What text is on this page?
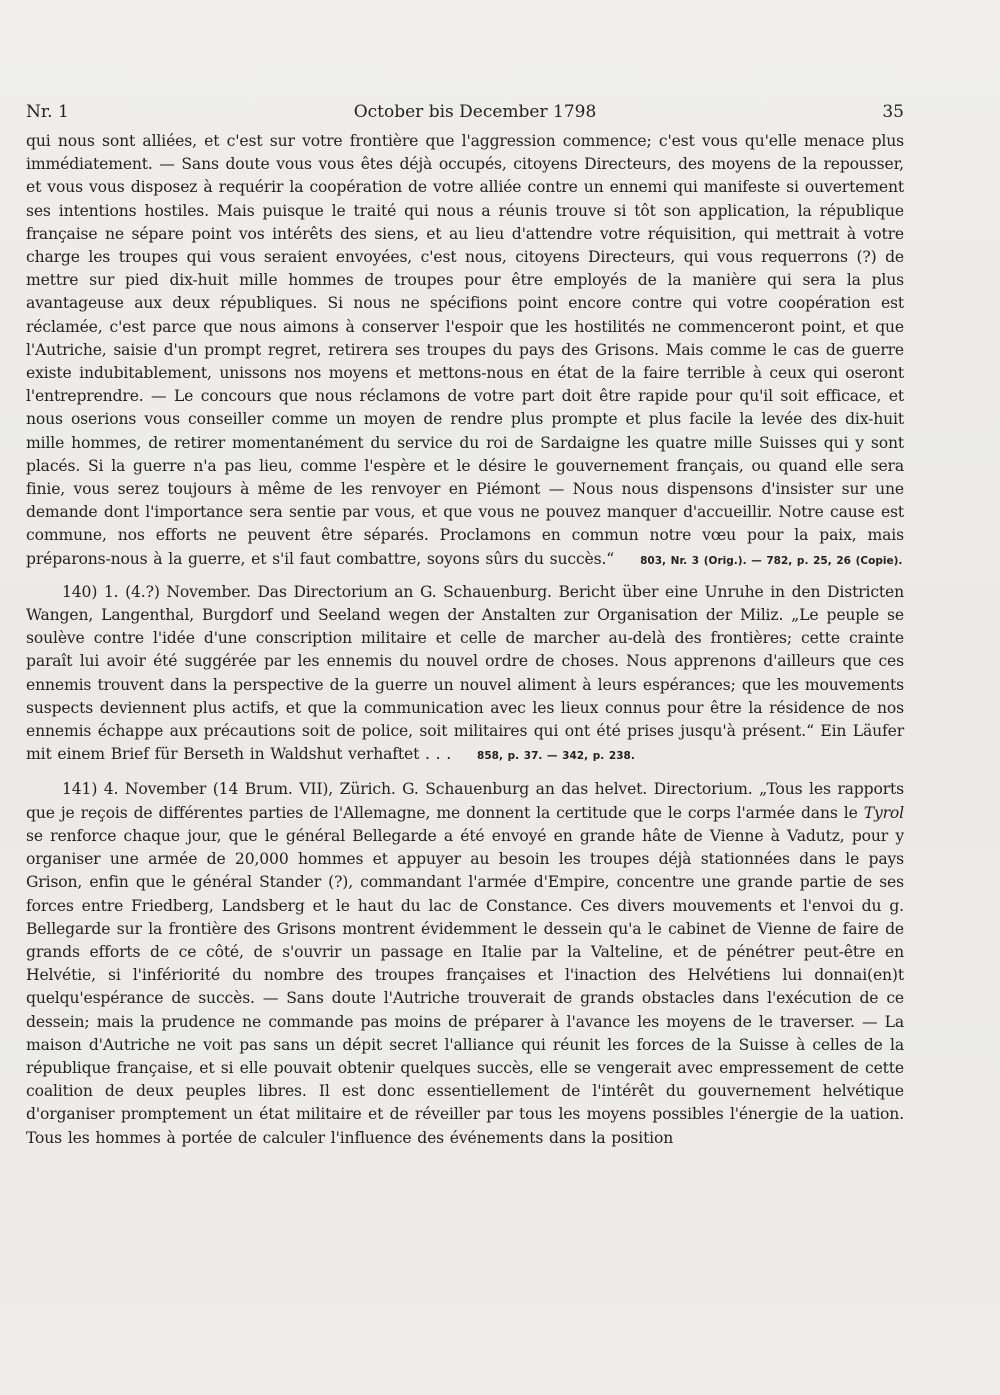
Nr. 1	October bis December 1798	35

qui nous sont alliées, et c'est sur votre frontière que l'aggression commence; c'est vous qu'elle menace plus immédiatement. — Sans doute vous vous êtes déjà occupés, citoyens Directeurs, des moyens de la repousser, et vous vous disposez à requérir la coopération de votre alliée contre un ennemi qui manifeste si ouvertement ses intentions hostiles. Mais puisque le traité qui nous a réunis trouve si tôt son application, la république française ne sépare point vos intérêts des siens, et au lieu d'attendre votre réquisition, qui mettrait à votre charge les troupes qui vous seraient envoyées, c'est nous, citoyens Directeurs, qui vous requerrons (?) de mettre sur pied dix-huit mille hommes de troupes pour être employés de la manière qui sera la plus avantageuse aux deux républiques. Si nous ne spécifions point encore contre qui votre coopération est réclamée, c'est parce que nous aimons à conserver l'espoir que les hostilités ne commenceront point, et que l'Autriche, saisie d'un prompt regret, retirera ses troupes du pays des Grisons. Mais comme le cas de guerre existe indubitablement, unissons nos moyens et mettons-nous en état de la faire terrible à ceux qui oseront l'entreprendre. — Le concours que nous réclamons de votre part doit être rapide pour qu'il soit efficace, et nous oserions vous conseiller comme un moyen de rendre plus prompte et plus facile la levée des dix-huit mille hommes, de retirer momentanément du service du roi de Sardaigne les quatre mille Suisses qui y sont placés. Si la guerre n'a pas lieu, comme l'espère et le désire le gouvernement français, ou quand elle sera finie, vous serez toujours à même de les renvoyer en Piémont — Nous nous dispensons d'insister sur une demande dont l'importance sera sentie par vous, et que vous ne pouvez manquer d'accueillir. Notre cause est commune, nos efforts ne peuvent être séparés. Proclamons en commun notre vœu pour la paix, mais préparons-nous à la guerre, et s'il faut combattre, soyons sûrs du succès.“ 803, Nr. 3 (Orig.). — 782, p. 25, 26 (Copie).

140) 1. (4.?) November. Das Directorium an G. Schauenburg. Bericht über eine Unruhe in den Districten Wangen, Langenthal, Burgdorf und Seeland wegen der Anstalten zur Organisation der Miliz. „Le peuple se soulève contre l'idée d'une conscription militaire et celle de marcher au-delà des frontières; cette crainte paraît lui avoir été suggérée par les ennemis du nouvel ordre de choses. Nous apprenons d'ailleurs que ces ennemis trouvent dans la perspective de la guerre un nouvel aliment à leurs espérances; que les mouvements suspects deviennent plus actifs, et que la communication avec les lieux connus pour être la résidence de nos ennemis échappe aux précautions soit de police, soit militaires qui ont été prises jusqu'à présent.“ Ein Läufer mit einem Brief für Berseth in Waldshut verhaftet . . . 858, p. 37. — 342, p. 238.

141) 4. November (14 Brum. VII), Zürich. G. Schauenburg an das helvet. Directorium. „Tous les rapports que je reçois de différentes parties de l'Allemagne, me donnent la certitude que le corps l'armée dans le Tyrol se renforce chaque jour, que le général Bellegarde a été envoyé en grande hâte de Vienne à Vadutz, pour y organiser une armée de 20,000 hommes et appuyer au besoin les troupes déjà stationnées dans le pays Grison, enfin que le général Stander (?), commandant l'armée d'Empire, concentre une grande partie de ses forces entre Friedberg, Landsberg et le haut du lac de Constance. Ces divers mouvements et l'envoi du g. Bellegarde sur la frontière des Grisons montrent évidemment le dessein qu'a le cabinet de Vienne de faire de grands efforts de ce côté, de s'ouvrir un passage en Italie par la Valteline, et de pénétrer peut-être en Helvétie, si l'infériorité du nombre des troupes françaises et l'inaction des Helvétiens lui donnai(en)t quelqu'espérance de succès. — Sans doute l'Autriche trouverait de grands obstacles dans l'exécution de ce dessein; mais la prudence ne commande pas moins de préparer à l'avance les moyens de le traverser. — La maison d'Autriche ne voit pas sans un dépit secret l'alliance qui réunit les forces de la Suisse à celles de la république française, et si elle pouvait obtenir quelques succès, elle se vengerait avec empressement de cette coalition de deux peuples libres. Il est donc essentiellement de l'intérêt du gouvernement helvétique d'organiser promptement un état militaire et de réveiller par tous les moyens possibles l'énergie de la uation. Tous les hommes à portée de calculer l'influence des événements dans la position
